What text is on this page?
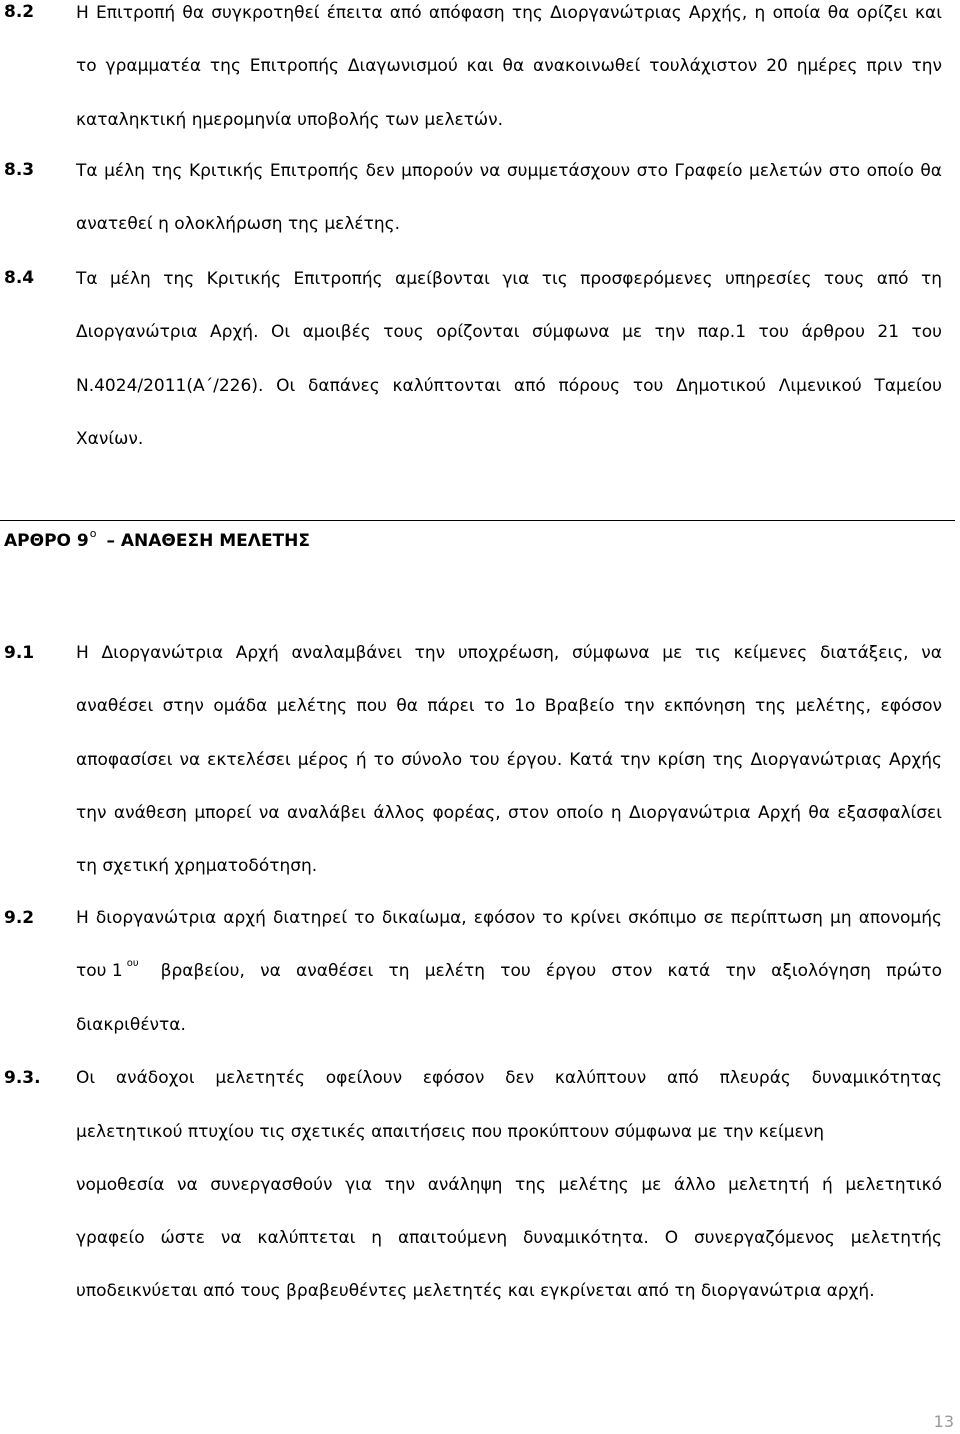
8.2 Η Επιτροπή θα συγκροτηθεί έπειτα από απόφαση της Διοργανώτριας Αρχής, η οποία θα ορίζει και το γραμματέα της Επιτροπής Διαγωνισμού και θα ανακοινωθεί τουλάχιστον 20 ημέρες πριν την καταληκτική ημερομηνία υποβολής των μελετών.

8.3 Τα μέλη της Κριτικής Επιτροπής δεν μπορούν να συμμετάσχουν στο Γραφείο μελετών στο οποίο θα ανατεθεί η ολοκλήρωση της μελέτης.

8.4 Τα μέλη της Κριτικής Επιτροπής αμείβονται για τις προσφερόμενες υπηρεσίες τους από τη Διοργανώτρια Αρχή. Οι αμοιβές τους ορίζονται σύμφωνα με την παρ.1 του άρθρου 21 του Ν.4024/2011(Α΄/226). Οι δαπάνες καλύπτονται από πόρους του Δημοτικού Λιμενικού Ταμείου Χανίων.

ΑΡΘΡΟ $9^o$ – ΑΝΑΘΕΣΗ ΜΕΛΕΤΗΣ
9.1 Η Διοργανώτρια Αρχή αναλαμβάνει την υποχρέωση, σύμφωνα με τις κείμενες διατάξεις, να αναθέσει στην ομάδα μελέτης που θα πάρει το 1ο Βραβείο την εκπόνηση της μελέτης, εφόσον αποφασίσει να εκτελέσει μέρος ή το σύνολο του έργου. Κατά την κρίση της Διοργανώτριας Αρχής την ανάθεση μπορεί να αναλάβει άλλος φορέας, στον οποίο η Διοργανώτρια Αρχή θα εξασφαλίσει τη σχετική χρηματοδότηση.

9.2 Η διοργανώτρια αρχή διατηρεί το δικαίωμα, εφόσον το κρίνει σκόπιμο σε περίπτωση μη απονομής
του 1 $^{o\upsilon}$	βραβείου, να αναθέσει τη μελέτη του έργου στον κατά την αξιολόγηση πρώτο
διακριθέντα.
9.3. Οι ανάδοχοι μελετητές οφείλουν εφόσον δεν καλύπτουν από πλευράς δυναμικότητας
μελετητικού πτυχίου τις σχετικές απαιτήσεις που προκύπτουν σύμφωνα με την κείμενη
νομοθεσία να συνεργασθούν για την ανάληψη της μελέτης με άλλο μελετητή ή μελετητικό
γραφείο ώστε να καλύπτεται η απαιτούμενη δυναμικότητα. Ο συνεργαζόμενος μελετητής
υποδεικνύεται από τους βραβευθέντες μελετητές και εγκρίνεται από τη διοργανώτρια αρχή.
13
